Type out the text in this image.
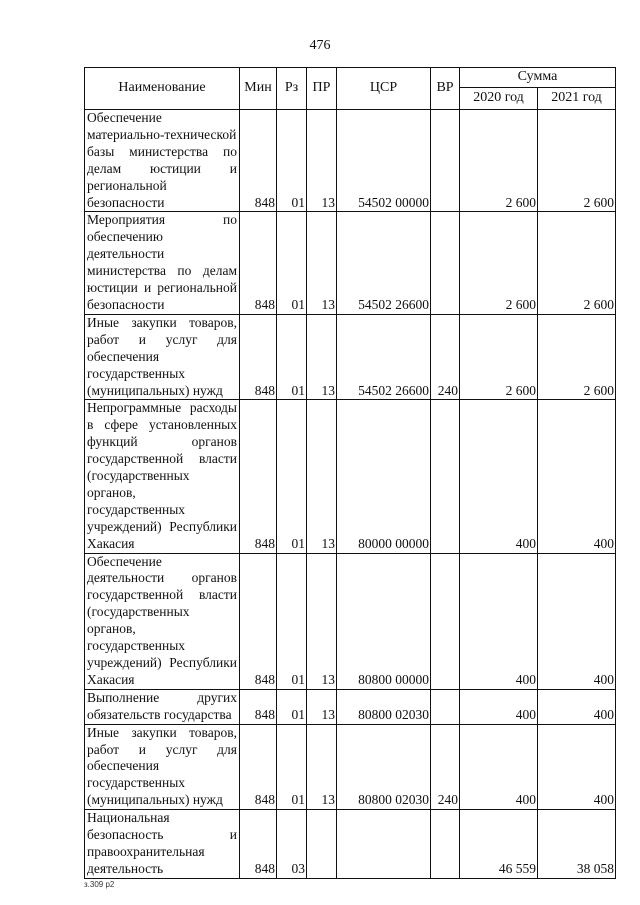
476
Наименование	Мин	Рз	ПР	ЦСР	ВР	Сумма	
						2020 год	2021 год
Обеспечение материально-технической базы министерства по делам юстиции и региональной безопасности	848	01	13	54502 00000		2 600	2 600
Мероприятия по обеспечению деятельности министерства по делам юстиции и региональной безопасности	848	01	13	54502 26600		2 600	2 600
Иные закупки товаров, работ и услуг для обеспечения государственных (муниципальных) нужд	848	01	13	54502 26600	240	2 600	2 600
Непрограммные расходы в сфере установленных функций органов государственной власти (государственных органов, государственных учреждений) Республики Хакасия	848	01	13	80000 00000		400	400
Обеспечение деятельности органов государственной власти (государственных органов, государственных учреждений) Республики Хакасия	848	01	13	80800 00000		400	400
Выполнение других обязательств государства	848	01	13	80800 02030		400	400
Иные закупки товаров, работ и услуг для обеспечения государственных (муниципальных) нужд	848	01	13	80800 02030	240	400	400
Национальная безопасность и правоохранительная деятельность	848	03				46 559	38 058
з.309 р2
